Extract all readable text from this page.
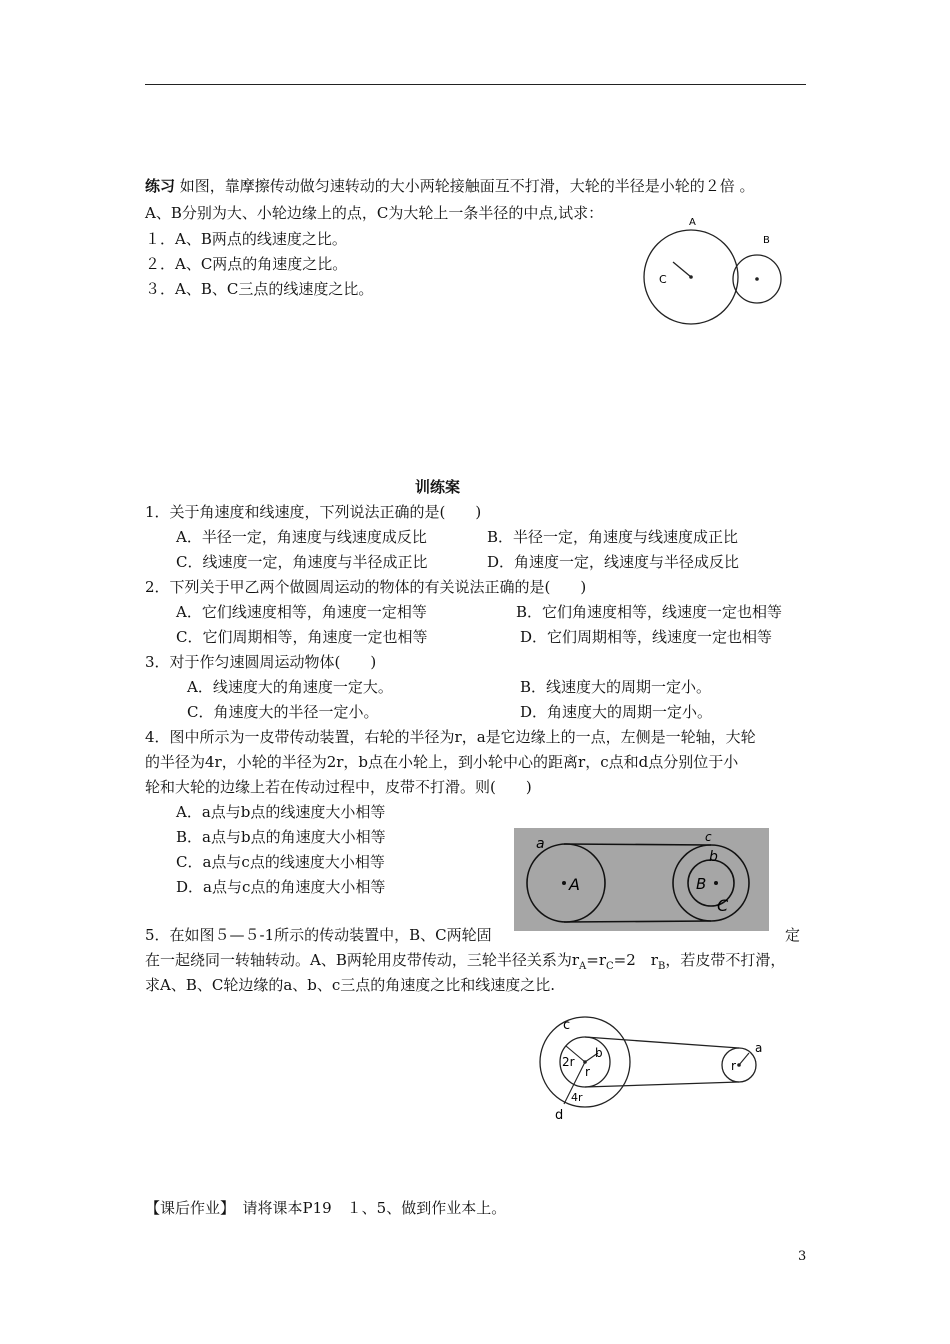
练习 如图，靠摩擦传动做匀速转动的大小两轮接触面互不打滑，大轮的半径是小轮的２倍 。
A、B分别为大、小轮边缘上的点，C为大轮上一条半径的中点,试求：
１．A、B两点的线速度之比。
２．A、C两点的角速度之比。
３．A、B、C三点的线速度之比。
A
B
C
训练案
1．关于角速度和线速度，下列说法正确的是(　　)
A．半径一定，角速度与线速度成反比	B．半径一定，角速度与线速度成正比
C．线速度一定，角速度与半径成正比	D．角速度一定，线速度与半径成反比
2．下列关于甲乙两个做圆周运动的物体的有关说法正确的是(　　)
A．它们线速度相等，角速度一定相等	B．它们角速度相等，线速度一定也相等
C．它们周期相等，角速度一定也相等	D．它们周期相等，线速度一定也相等
3．对于作匀速圆周运动物体(　　)
A．线速度大的角速度一定大。	B．线速度大的周期一定小。
C．角速度大的半径一定小。	D．角速度大的周期一定小。
4．图中所示为一皮带传动装置，右轮的半径为r，a是它边缘上的一点，左侧是一轮轴，大轮
的半径为4r，小轮的半径为2r，b点在小轮上，到小轮中心的距离r，c点和d点分别位于小
轮和大轮的边缘上若在传动过程中，皮带不打滑。则(　　)
A．a点与b点的线速度大小相等
B．a点与b点的角速度大小相等
C．a点与c点的线速度大小相等
D．a点与c点的角速度大小相等
a
A
c
b
B
C
5．在如图５—５-1所示的传动装置中，B、C两轮固	定
在一起绕同一转轴转动。A、B两轮用皮带传动，三轮半径关系为$r_A=r_C=2$　$r_B$，若皮带不打滑，
求A、B、C轮边缘的a、b、c三点的角速度之比和线速度之比.
c
b
2r
r
4r
d
r
a
【课后作业】　请将课本P19　１、5、做到作业本上。
3
